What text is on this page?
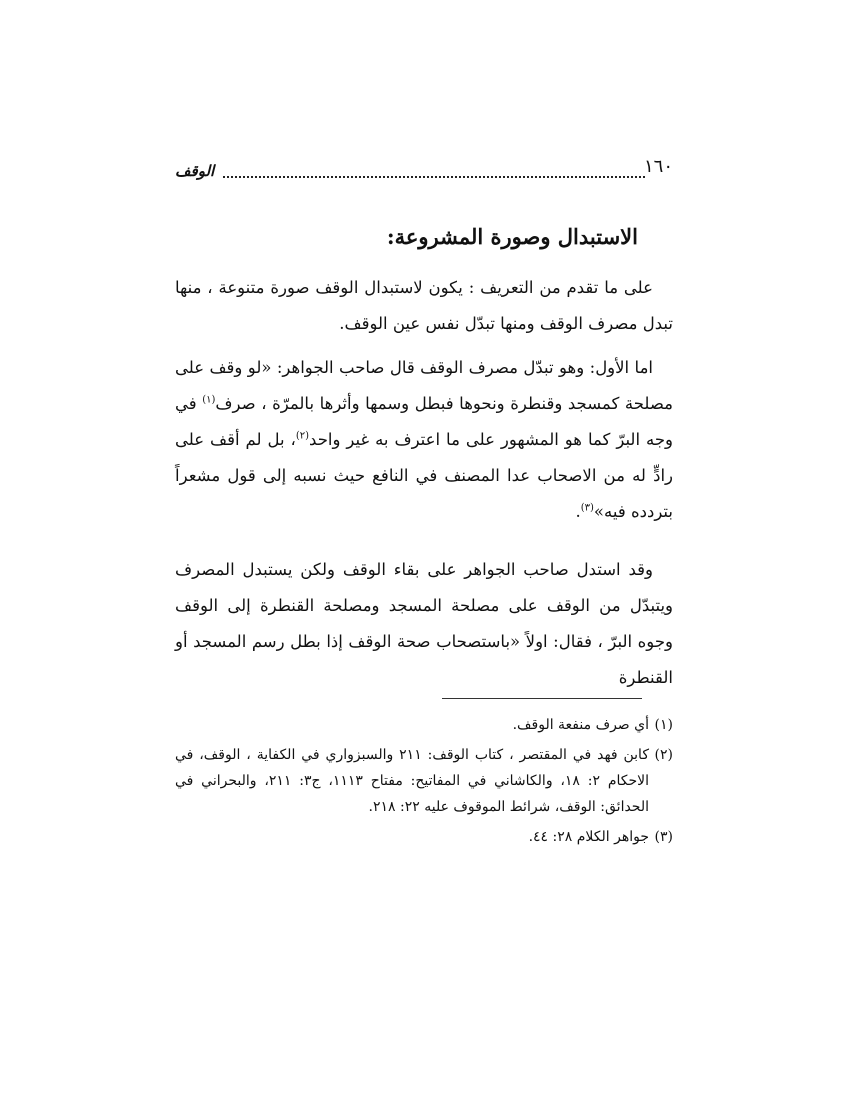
١٦٠
الوقف
الاستبدال وصورة المشروعة:

على ما تقدم من التعريف : يكون لاستبدال الوقف صورة متنوعة ، منها تبدل مصرف الوقف ومنها تبدّل نفس عين الوقف.

اما الأول: وهو تبدّل مصرف الوقف قال صاحب الجواهر: «لو وقف على مصلحة كمسجد وقنطرة ونحوها فبطل وسمها وأثرها بالمرّة ، صرف$^{(١)}$ في وجه البرّ كما هو المشهور على ما اعترف به غير واحد$^{(٢)}$، بل لم أقف على رادٍّ له من الاصحاب عدا المصنف في النافع حيث نسبه إلى قول مشعراً بتردده فيه»$^{(٣)}$.

وقد استدل صاحب الجواهر على بقاء الوقف ولكن يستبدل المصرف ويتبدّل من الوقف على مصلحة المسجد ومصلحة القنطرة إلى الوقف وجوه البرّ ، فقال: اولاً «باستصحاب صحة الوقف إذا بطل رسم المسجد أو القنطرة

(١)
أي صرف منفعة الوقف.

(٢)
كابن فهد في المقتصر ، كتاب الوقف: ٢١١ والسبزواري في الكفاية ، الوقف، في الاحكام ٢: ١٨، والكاشاني في المفاتيح: مفتاح ١١١٣، ج٣: ٢١١، والبحراني في الحدائق: الوقف، شرائط الموقوف عليه ٢٢: ٢١٨.

(٣)
جواهر الكلام ٢٨: ٤٤.
